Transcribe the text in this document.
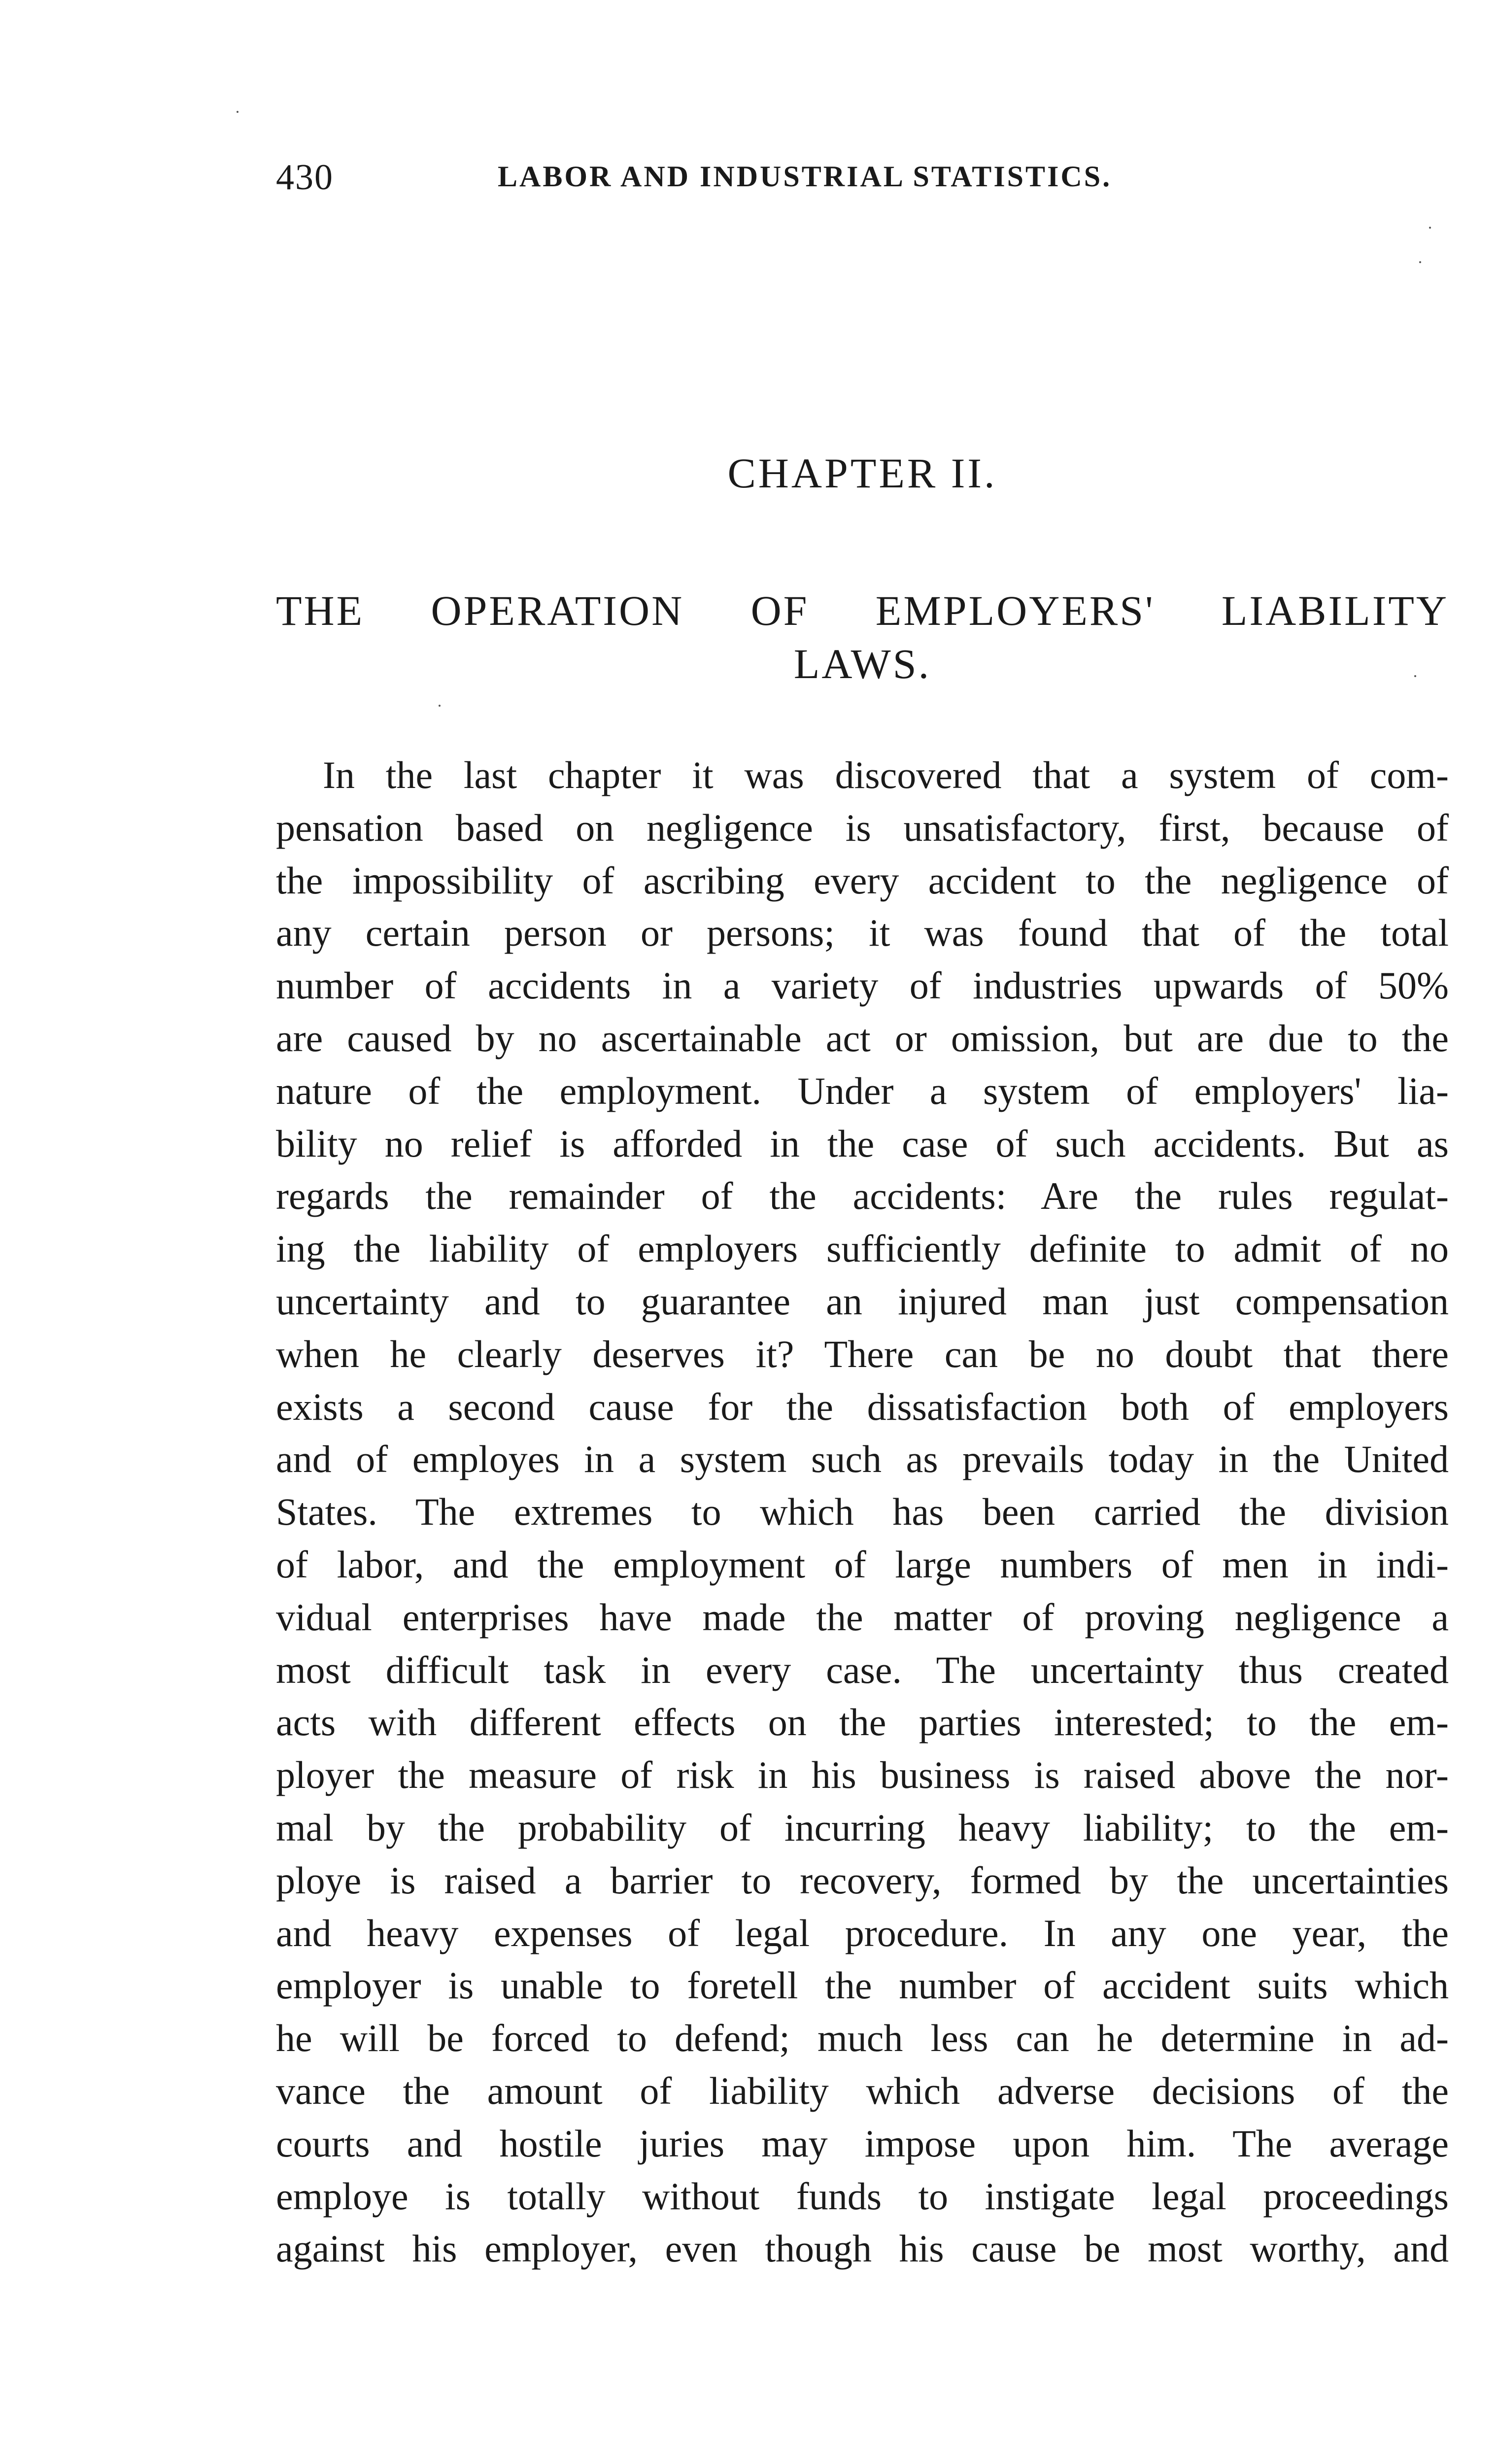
430	LABOR AND INDUSTRIAL STATISTICS.
CHAPTER II.
THE OPERATION OF EMPLOYERS' LIABILITY
LAWS.
In the last chapter it was discovered that a system of com-
pensation based on negligence is unsatisfactory, first, because of
the impossibility of ascribing every accident to the negligence of
any certain person or persons; it was found that of the total
number of accidents in a variety of industries upwards of 50%
are caused by no ascertainable act or omission, but are due to the
nature of the employment. Under a system of employers' lia-
bility no relief is afforded in the case of such accidents. But as
regards the remainder of the accidents: Are the rules regulat-
ing the liability of employers sufficiently definite to admit of no
uncertainty and to guarantee an injured man just compensation
when he clearly deserves it? There can be no doubt that there
exists a second cause for the dissatisfaction both of employers
and of employes in a system such as prevails today in the United
States. The extremes to which has been carried the division
of labor, and the employment of large numbers of men in indi-
vidual enterprises have made the matter of proving negligence a
most difficult task in every case. The uncertainty thus created
acts with different effects on the parties interested; to the em-
ployer the measure of risk in his business is raised above the nor-
mal by the probability of incurring heavy liability; to the em-
ploye is raised a barrier to recovery, formed by the uncertainties
and heavy expenses of legal procedure. In any one year, the
employer is unable to foretell the number of accident suits which
he will be forced to defend; much less can he determine in ad-
vance the amount of liability which adverse decisions of the
courts and hostile juries may impose upon him. The average
employe is totally without funds to instigate legal proceedings
against his employer, even though his cause be most worthy, and
